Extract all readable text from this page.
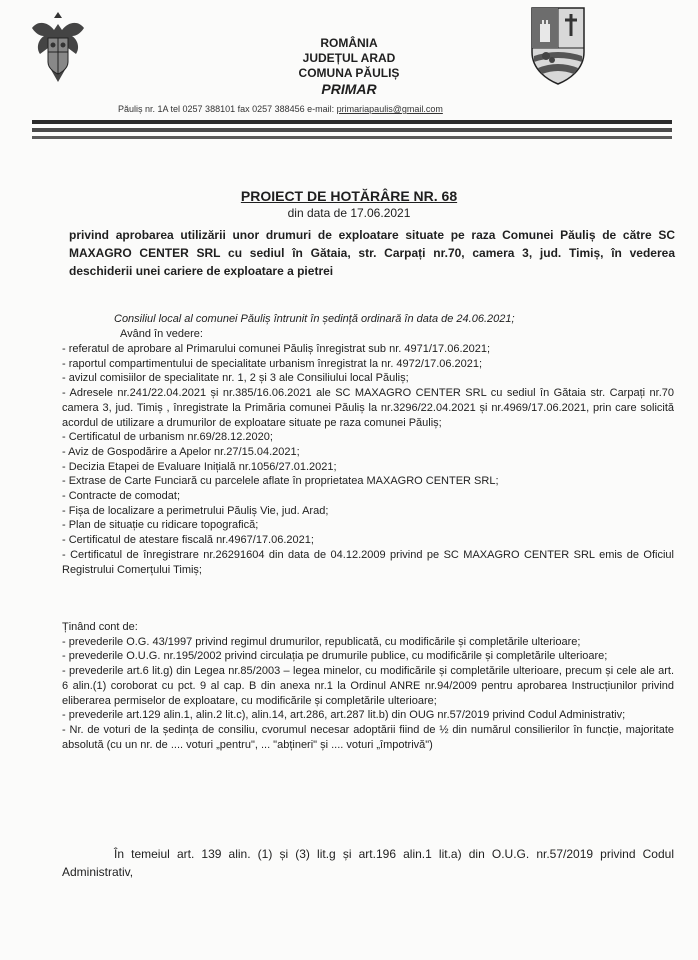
ROMÂNIA
JUDEȚUL ARAD
COMUNA PĂULIȘ
PRIMAR
Păuliș nr. 1A tel 0257 388101 fax 0257 388456 e-mail: primariapaulis@gmail.com
PROIECT DE HOTĂRÂRE NR. 68
din data de 17.06.2021
privind aprobarea utilizării unor drumuri de exploatare situate pe raza Comunei Păuliș de către SC MAXAGRO CENTER SRL cu sediul în Gătaia, str. Carpați nr.70, camera 3, jud. Timiș, în vederea deschiderii unei cariere de exploatare a pietrei
Consiliul local al comunei Păuliș întrunit în ședință ordinară în data de 24.06.2021;
Având în vedere:
- referatul de aprobare al Primarului comunei Păuliș înregistrat sub nr. 4971/17.06.2021;
- raportul compartimentului de specialitate urbanism înregistrat la nr. 4972/17.06.2021;
- avizul comisiilor de specialitate nr. 1, 2 și 3 ale Consiliului local Păuliș;
- Adresele nr.241/22.04.2021 și nr.385/16.06.2021 ale SC MAXAGRO CENTER SRL cu sediul în Gătaia str. Carpați nr.70 camera 3, jud. Timiș , înregistrate la Primăria comunei Păuliș la nr.3296/22.04.2021 și nr.4969/17.06.2021, prin care solicită acordul de utilizare a drumurilor de exploatare situate pe raza comunei Păuliș;
- Certificatul de urbanism nr.69/28.12.2020;
- Aviz de Gospodărire a Apelor nr.27/15.04.2021;
- Decizia Etapei de Evaluare Inițială nr.1056/27.01.2021;
- Extrase de Carte Funciară cu parcelele aflate în proprietatea MAXAGRO CENTER SRL;
- Contracte de comodat;
- Fișa de localizare a perimetrului Păuliș Vie, jud. Arad;
- Plan de situație cu ridicare topografică;
- Certificatul de atestare fiscală nr.4967/17.06.2021;
- Certificatul de înregistrare nr.26291604 din data de 04.12.2009 privind pe SC MAXAGRO CENTER SRL emis de Oficiul Registrului Comerțului Timiș;
Ținând cont de:
- prevederile O.G. 43/1997 privind regimul drumurilor, republicată, cu modificările și completările ulterioare;
- prevederile O.U.G. nr.195/2002 privind circulația pe drumurile publice, cu modificările și completările ulterioare;
- prevederile art.6 lit.g) din Legea nr.85/2003 – legea minelor, cu modificările și completările ulterioare, precum și cele ale art. 6 alin.(1) coroborat cu pct. 9 al cap. B din anexa nr.1 la Ordinul ANRE nr.94/2009 pentru aprobarea Instrucțiunilor privind eliberarea permiselor de exploatare, cu modificările și completările ulterioare;
- prevederile art.129 alin.1, alin.2 lit.c), alin.14, art.286, art.287 lit.b) din OUG nr.57/2019 privind Codul Administrativ;
- Nr. de voturi de la ședința de consiliu, cvorumul necesar adoptării fiind de ½ din numărul consilierilor în funcție, majoritate absolută (cu un nr. de .... voturi „pentru", ... "abțineri" și .... voturi „împotrivă")
În temeiul art. 139 alin. (1) și (3) lit.g și art.196 alin.1 lit.a) din O.U.G. nr.57/2019 privind Codul Administrativ,
